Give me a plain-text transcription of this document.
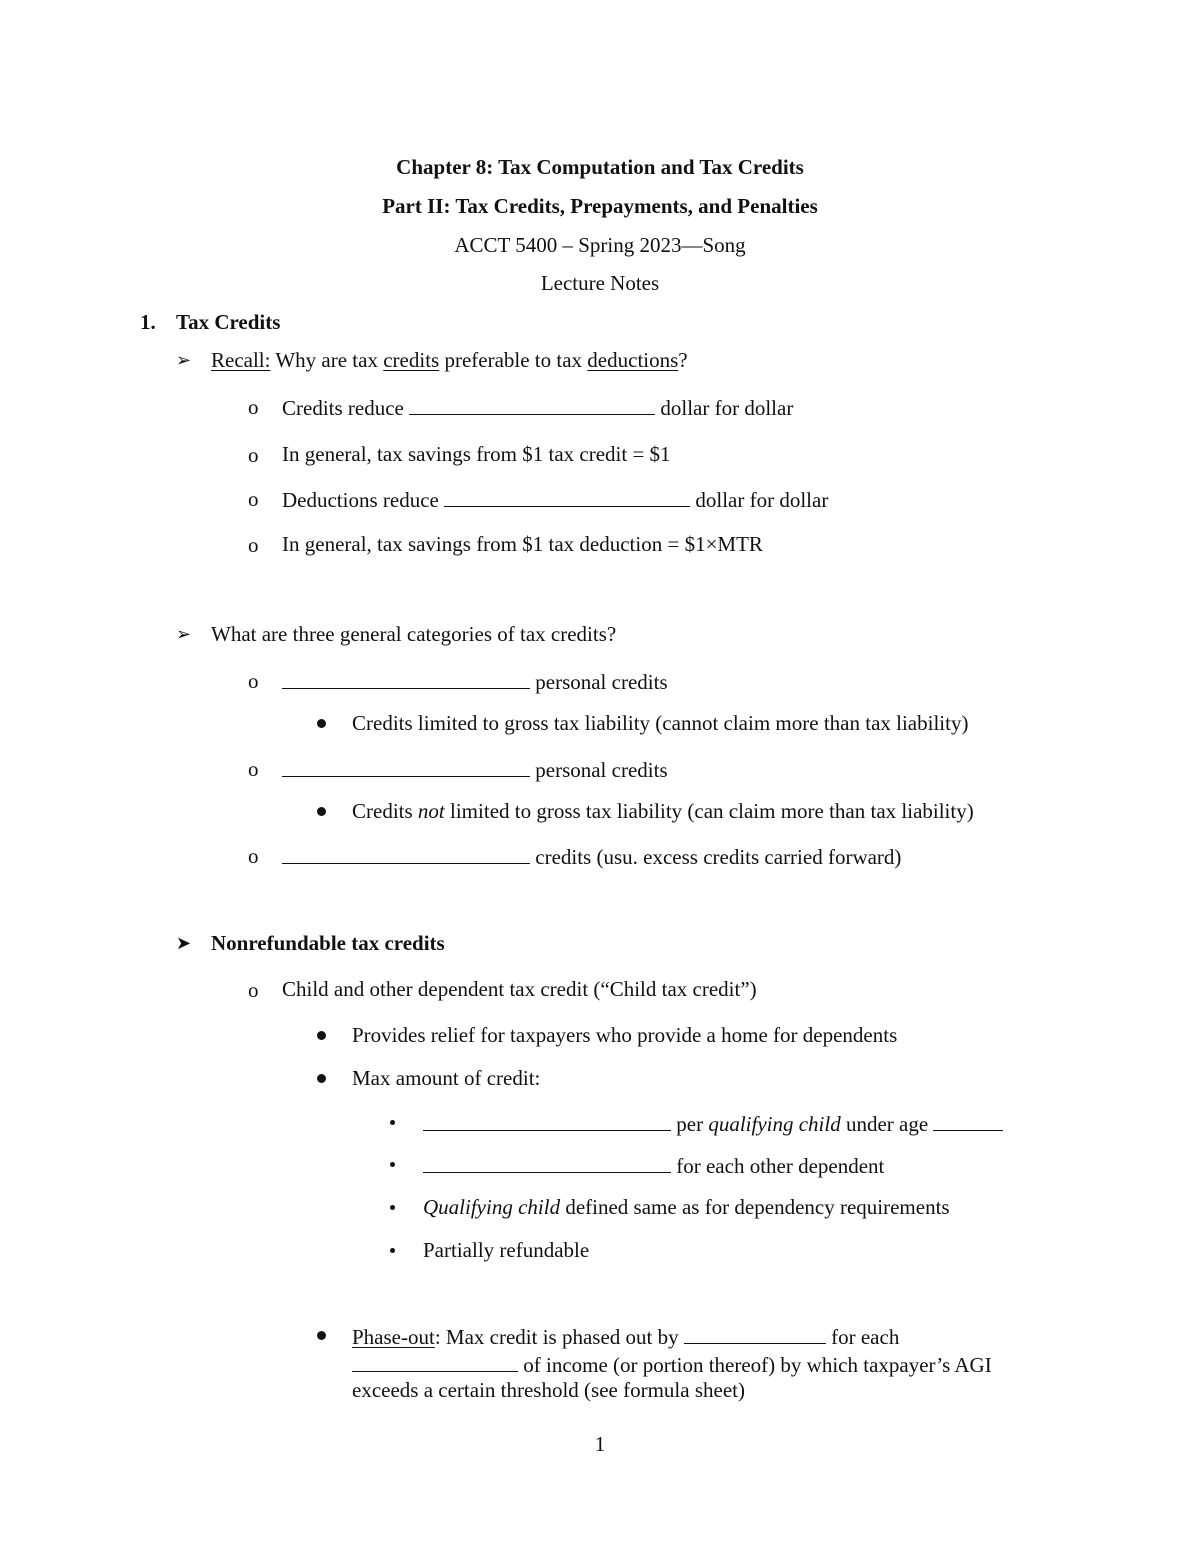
Chapter 8: Tax Computation and Tax Credits
Part II: Tax Credits, Prepayments, and Penalties
ACCT 5400 – Spring 2023—Song
Lecture Notes
1. Tax Credits
➢ Recall: Why are tax credits preferable to tax deductions?
o Credits reduce	dollar for dollar
o In general, tax savings from $1 tax credit = $1
o Deductions reduce	dollar for dollar
o In general, tax savings from $1 tax deduction = $1×MTR
➢ What are three general categories of tax credits?
o	personal credits
Credits limited to gross tax liability (cannot claim more than tax liability)
o	personal credits
Credits not limited to gross tax liability (can claim more than tax liability)
o	credits (usu. excess credits carried forward)
➤ Nonrefundable tax credits
o Child and other dependent tax credit (“Child tax credit”)
Provides relief for taxpayers who provide a home for dependents
Max amount of credit:
per qualifying child under age
for each other dependent
Qualifying child defined same as for dependency requirements
Partially refundable
Phase-out: Max credit is phased out by	for each
of income (or portion thereof) by which taxpayer’s AGI
exceeds a certain threshold (see formula sheet)
1
